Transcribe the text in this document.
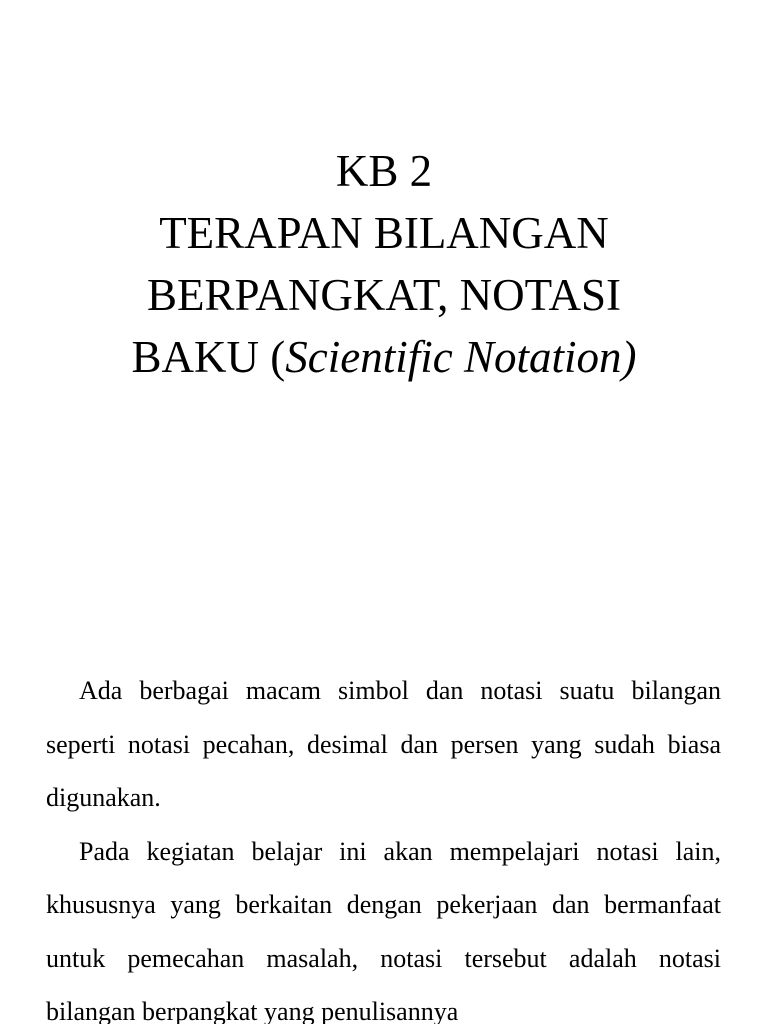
KB 2
TERAPAN BILANGAN
BERPANGKAT, NOTASI
BAKU (Scientific Notation)

Ada berbagai macam simbol dan notasi suatu bilangan seperti notasi pecahan, desimal dan persen yang sudah biasa digunakan.

Pada kegiatan belajar ini akan mempelajari notasi lain, khususnya yang berkaitan dengan pekerjaan dan bermanfaat untuk pemecahan masalah, notasi tersebut adalah notasi bilangan berpangkat yang penulisannya
